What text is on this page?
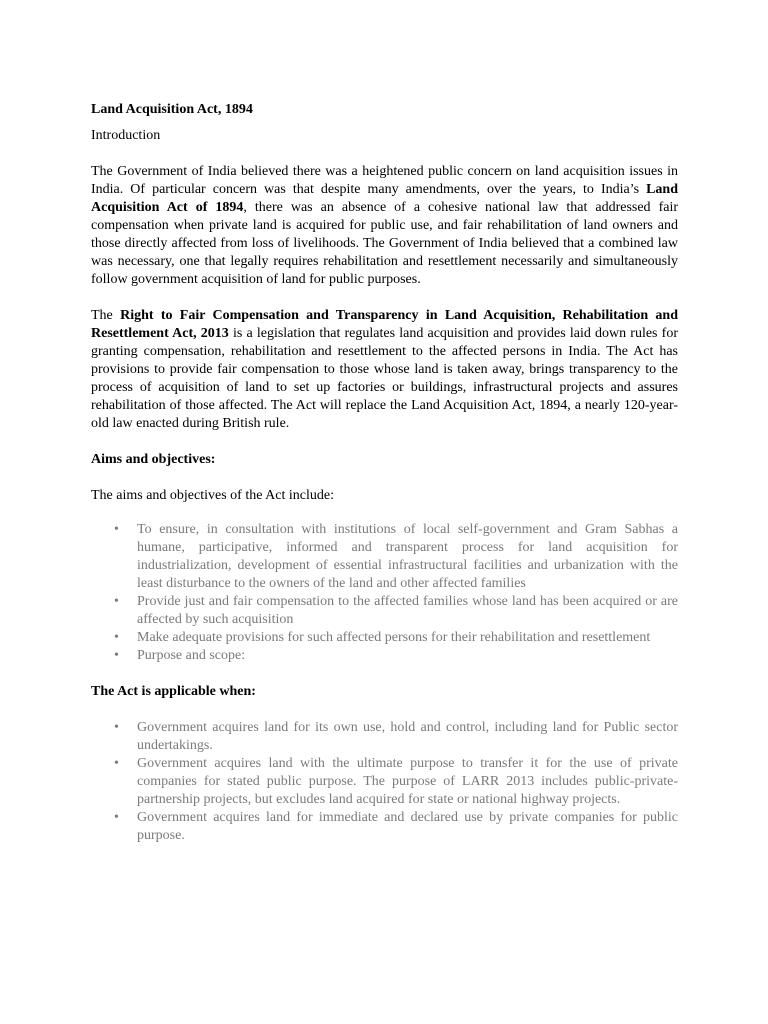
Land Acquisition Act, 1894

Introduction

The Government of India believed there was a heightened public concern on land acquisition issues in India. Of particular concern was that despite many amendments, over the years, to India’s Land Acquisition Act of 1894, there was an absence of a cohesive national law that addressed fair compensation when private land is acquired for public use, and fair rehabilitation of land owners and those directly affected from loss of livelihoods. The Government of India believed that a combined law was necessary, one that legally requires rehabilitation and resettlement necessarily and simultaneously follow government acquisition of land for public purposes.

The Right to Fair Compensation and Transparency in Land Acquisition, Rehabilitation and Resettlement Act, 2013 is a legislation that regulates land acquisition and provides laid down rules for granting compensation, rehabilitation and resettlement to the affected persons in India. The Act has provisions to provide fair compensation to those whose land is taken away, brings transparency to the process of acquisition of land to set up factories or buildings, infrastructural projects and assures rehabilitation of those affected. The Act will replace the Land Acquisition Act, 1894, a nearly 120-year-old law enacted during British rule.

Aims and objectives:

The aims and objectives of the Act include:

• To ensure, in consultation with institutions of local self-government and Gram Sabhas a humane, participative, informed and transparent process for land acquisition for industrialization, development of essential infrastructural facilities and urbanization with the least disturbance to the owners of the land and other affected families
• Provide just and fair compensation to the affected families whose land has been acquired or are affected by such acquisition
• Make adequate provisions for such affected persons for their rehabilitation and resettlement
• Purpose and scope:

The Act is applicable when:

• Government acquires land for its own use, hold and control, including land for Public sector undertakings.
• Government acquires land with the ultimate purpose to transfer it for the use of private companies for stated public purpose. The purpose of LARR 2013 includes public-private-partnership projects, but excludes land acquired for state or national highway projects.
• Government acquires land for immediate and declared use by private companies for public purpose.
